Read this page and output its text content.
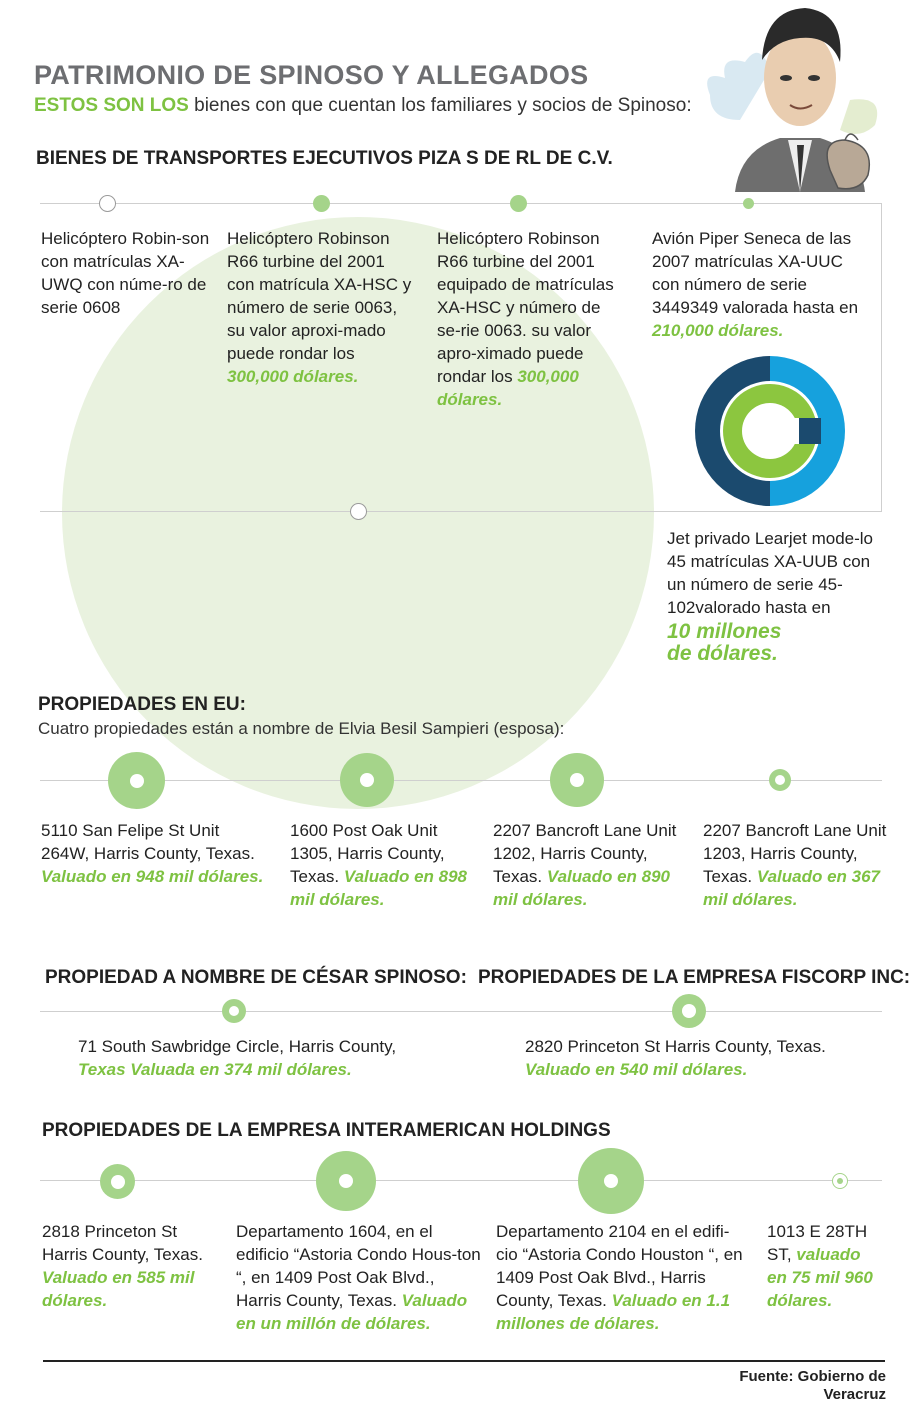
PATRIMONIO DE SPINOSO Y ALLEGADOS
ESTOS SON LOS bienes con que cuentan los familiares y socios de Spinoso:
BIENES DE TRANSPORTES EJECUTIVOS PIZA S DE RL DE C.V.
Helicóptero Robin-son con matrículas XA-UWQ con núme-ro de serie 0608
Helicóptero Robinson R66 turbine del 2001 con matrícula XA-HSC y número de serie 0063, su valor aproxi-mado puede rondar los 300,000 dólares.
Helicóptero Robinson R66 turbine del 2001 equipado de matrículas XA-HSC y número de se-rie 0063. su valor apro-ximado puede rondar los 300,000 dólares.
Avión Piper Seneca de las 2007 matrículas XA-UUC con número de serie 3449349 valorada hasta en 210,000 dólares.
Jet privado Learjet mode-lo 45 matrículas XA-UUB con un número de serie 45-102valorado hasta en
10 millones
de dólares.
PROPIEDADES EN EU:
Cuatro propiedades están a nombre de Elvia Besil Sampieri (esposa):
5110 San Felipe St Unit 264W, Harris County, Texas. Valuado en 948 mil dólares.
1600 Post Oak Unit 1305, Harris County, Texas. Valuado en 898 mil dólares.
2207 Bancroft Lane Unit 1202, Harris County, Texas. Valuado en 890 mil dólares.
2207 Bancroft Lane Unit 1203, Harris County, Texas. Valuado en 367 mil dólares.
PROPIEDAD A NOMBRE DE CÉSAR SPINOSO: PROPIEDADES DE LA EMPRESA FISCORP INC:
71 South Sawbridge Circle, Harris County,
Texas Valuada en 374 mil dólares.
2820 Princeton St Harris County, Texas.
Valuado en 540 mil dólares.
PROPIEDADES DE LA EMPRESA INTERAMERICAN HOLDINGS
2818 Princeton St Harris County, Texas. Valuado en 585 mil dólares.
Departamento 1604, en el edificio “Astoria Condo Hous-ton “, en 1409 Post Oak Blvd., Harris County, Texas. Valuado en un millón de dólares.
Departamento 2104 en el edifi-cio “Astoria Condo Houston “, en 1409 Post Oak Blvd., Harris County, Texas. Valuado en 1.1 millones de dólares.
1013 E 28TH ST, valuado en 75 mil 960 dólares.
Fuente: Gobierno de Veracruz
